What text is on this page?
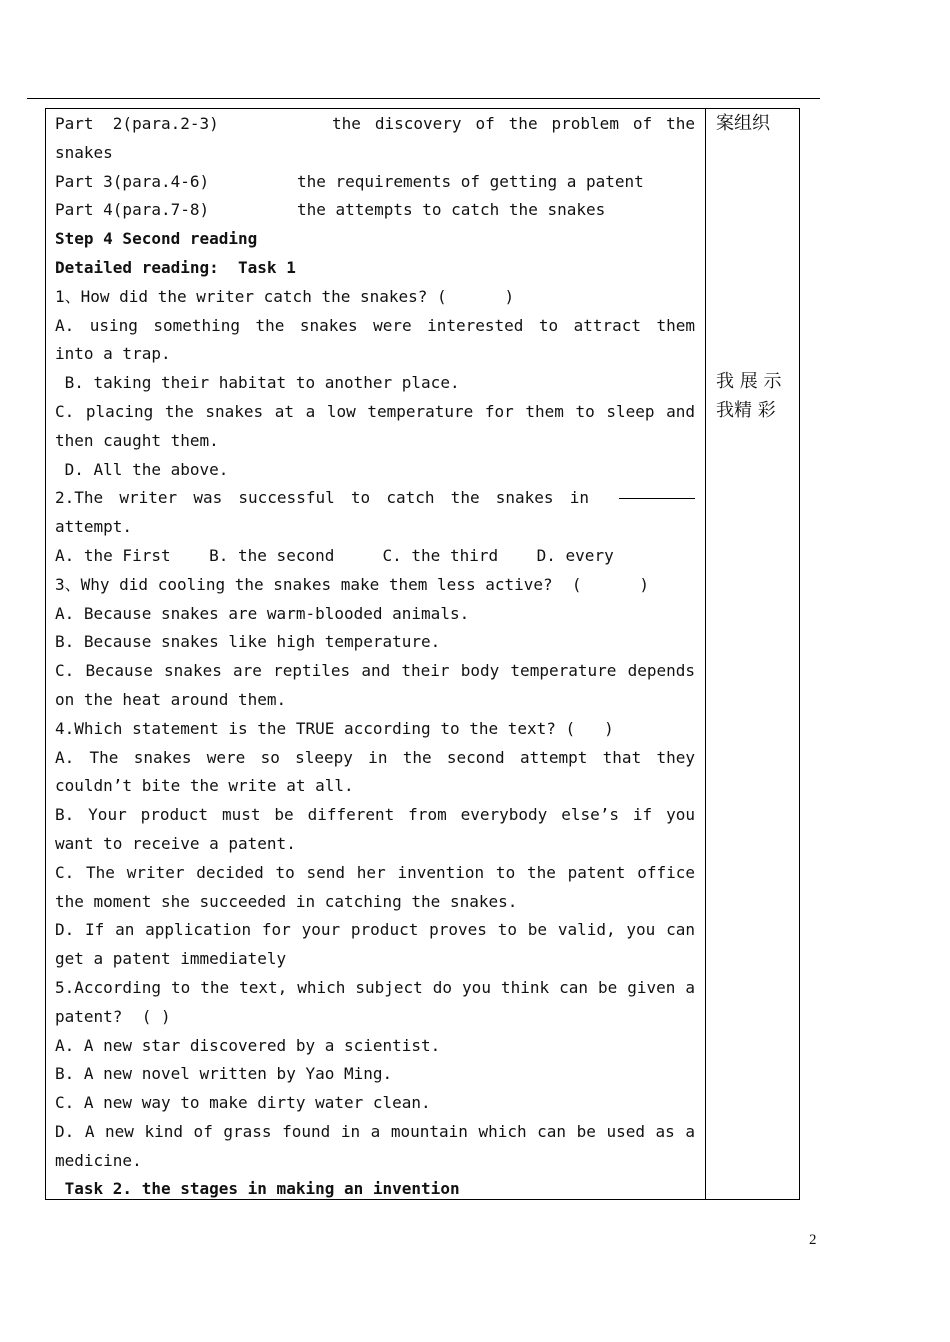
Part  2(para.2-3)	the discovery of the problem of the
snakes
Part 3(para.4-6)	the requirements of getting a patent
Part 4(para.7-8)	the attempts to catch the snakes
Step 4 Second reading
Detailed reading:  Task 1
1、How did the writer catch the snakes? (      )
A. using something the snakes were interested to attract them
into a trap.
B. taking their habitat to another place.
C. placing the snakes at a low temperature for them to sleep and
then caught them.
D. All the above.
2.The writer was successful to catch the snakes in
attempt.
A. the First    B. the second     C. the third    D. every
3、Why did cooling the snakes make them less active?  (      )
A. Because snakes are warm-blooded animals.
B. Because snakes like high temperature.
C. Because snakes are reptiles and their body temperature depends
on the heat around them.
4.Which statement is the TRUE according to the text? (   )
A. The snakes were so sleepy in the second attempt that they
couldn’t bite the write at all.
B. Your product must be different from everybody else’s if you
want to receive a patent.
C. The writer decided to send her invention to the patent office
the moment she succeeded in catching the snakes.
D. If an application for your product proves to be valid, you can
get a patent immediately
5.According to the text, which subject do you think can be given a
patent?  ( )
A. A new star discovered by a scientist.
B. A new novel written by Yao Ming.
C. A new way to make dirty water clean.
D. A new kind of grass found in a mountain which can be used as a
medicine.
Task 2. the stages in making an invention
案组织
我 展 示
我精 彩
2
